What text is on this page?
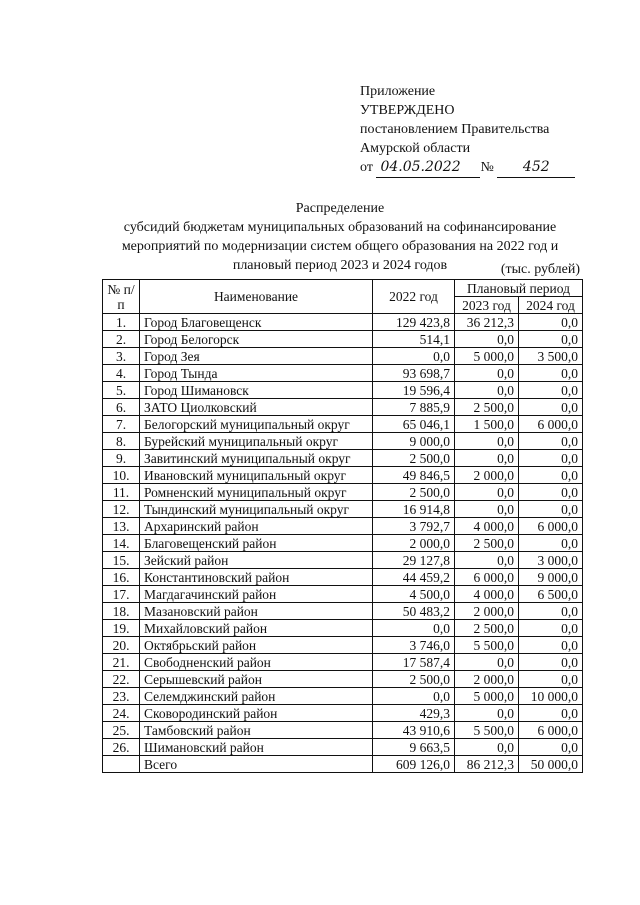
Приложение
УТВЕРЖДЕНО
постановлением Правительства
Амурской области
от 04.05.2022 № 452
Распределение
субсидий бюджетам муниципальных образований на софинансирование
мероприятий по модернизации систем общего образования на 2022 год и
плановый период 2023 и 2024 годов	(тыс. рублей)
№ п/п	Наименование	2022 год	Плановый период	
			2023 год	2024 год
1.	Город Благовещенск	129 423,8	36 212,3	0,0
2.	Город Белогорск	514,1	0,0	0,0
3.	Город Зея	0,0	5 000,0	3 500,0
4.	Город Тында	93 698,7	0,0	0,0
5.	Город Шимановск	19 596,4	0,0	0,0
6.	ЗАТО Циолковский	7 885,9	2 500,0	0,0
7.	Белогорский муниципальный округ	65 046,1	1 500,0	6 000,0
8.	Бурейский муниципальный округ	9 000,0	0,0	0,0
9.	Завитинский муниципальный округ	2 500,0	0,0	0,0
10.	Ивановский муниципальный округ	49 846,5	2 000,0	0,0
11.	Ромненский муниципальный округ	2 500,0	0,0	0,0
12.	Тындинский муниципальный округ	16 914,8	0,0	0,0
13.	Архаринский район	3 792,7	4 000,0	6 000,0
14.	Благовещенский район	2 000,0	2 500,0	0,0
15.	Зейский район	29 127,8	0,0	3 000,0
16.	Константиновский район	44 459,2	6 000,0	9 000,0
17.	Магдагачинский район	4 500,0	4 000,0	6 500,0
18.	Мазановский район	50 483,2	2 000,0	0,0
19.	Михайловский район	0,0	2 500,0	0,0
20.	Октябрьский район	3 746,0	5 500,0	0,0
21.	Свободненский район	17 587,4	0,0	0,0
22.	Серышевский район	2 500,0	2 000,0	0,0
23.	Селемджинский район	0,0	5 000,0	10 000,0
24.	Сковородинский район	429,3	0,0	0,0
25.	Тамбовский район	43 910,6	5 500,0	6 000,0
26.	Шимановский район	9 663,5	0,0	0,0
	Всего	609 126,0	86 212,3	50 000,0
